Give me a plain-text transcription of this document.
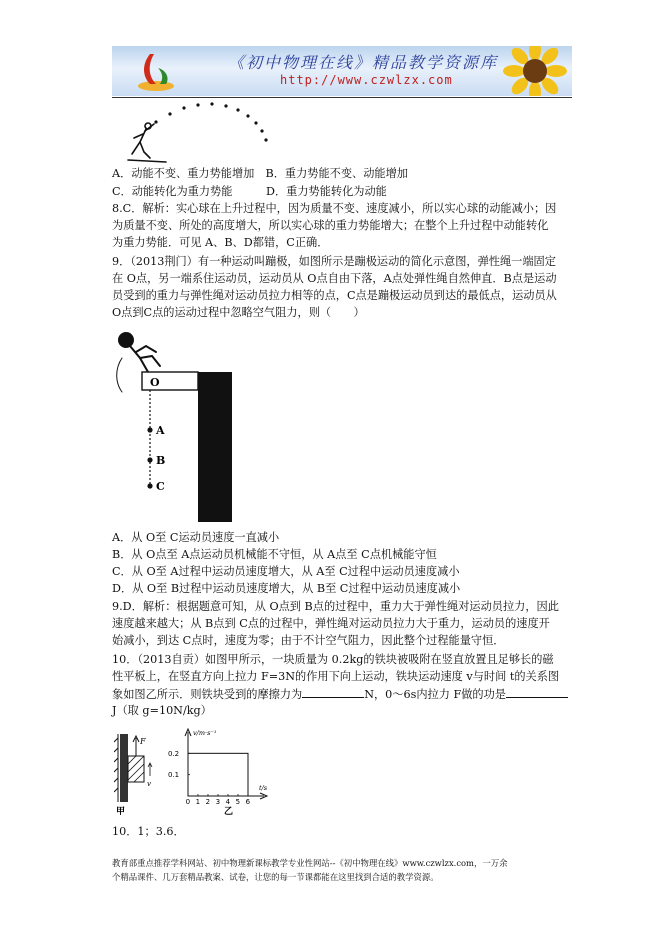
《初中物理在线》精品教学资源库
http://www.czwlzx.com
A．动能不变、重力势能增加　B．重力势能不变、动能增加
C．动能转化为重力势能　　　D．重力势能转化为动能
8.C．解析：实心球在上升过程中，因为质量不变、速度减小，所以实心球的动能减小；因
为质量不变、所处的高度增大，所以实心球的重力势能增大；在整个上升过程中动能转化
为重力势能．可见 A、B、D都错，C正确．
9．（2013荆门）有一种运动叫蹦极，如图所示是蹦极运动的简化示意图，弹性绳一端固定
在 O点，另一端系住运动员，运动员从 O点自由下落，A点处弹性绳自然伸直．B点是运动
员受到的重力与弹性绳对运动员拉力相等的点，C点是蹦极运动员到达的最低点，运动员从
O点到C点的运动过程中忽略空气阻力，则（　　）
O
A
B
C
A．从 O至 C运动员速度一直减小
B．从 O点至 A点运动员机械能不守恒，从 A点至 C点机械能守恒
C．从 O至 A过程中运动员速度增大，从 A至 C过程中运动员速度减小
D．从 O至 B过程中运动员速度增大，从 B至 C过程中运动员速度减小
9.D．解析：根据题意可知，从 O点到 B点的过程中，重力大于弹性绳对运动员拉力，因此
速度越来越大；从 B点到 C点的过程中，弹性绳对运动员拉力大于重力，运动员的速度开
始减小，到达 C点时，速度为零；由于不计空气阻力，因此整个过程能量守恒．
10．（2013自贡）如图甲所示，一块质量为 0.2kg的铁块被吸附在竖直放置且足够长的磁
性平板上，在竖直方向上拉力 F=3N的作用下向上运动，铁块运动速度 v与时间 t的关系图
象如图乙所示．则铁块受到的摩擦力为	N，0～6s内拉力 F做的功是
J（取 g=10N/kg）
F
v
甲
v/m·s⁻¹
t/s
0 1 2 3 4 5 6
0.1
0.2
乙
10．1；3.6．
教育部重点推荐学科网站、初中物理新课标教学专业性网站--《初中物理在线》www.czwlzx.com，一万余
个精品课件、几万套精品教案、试卷，让您的每一节课都能在这里找到合适的教学资源。
